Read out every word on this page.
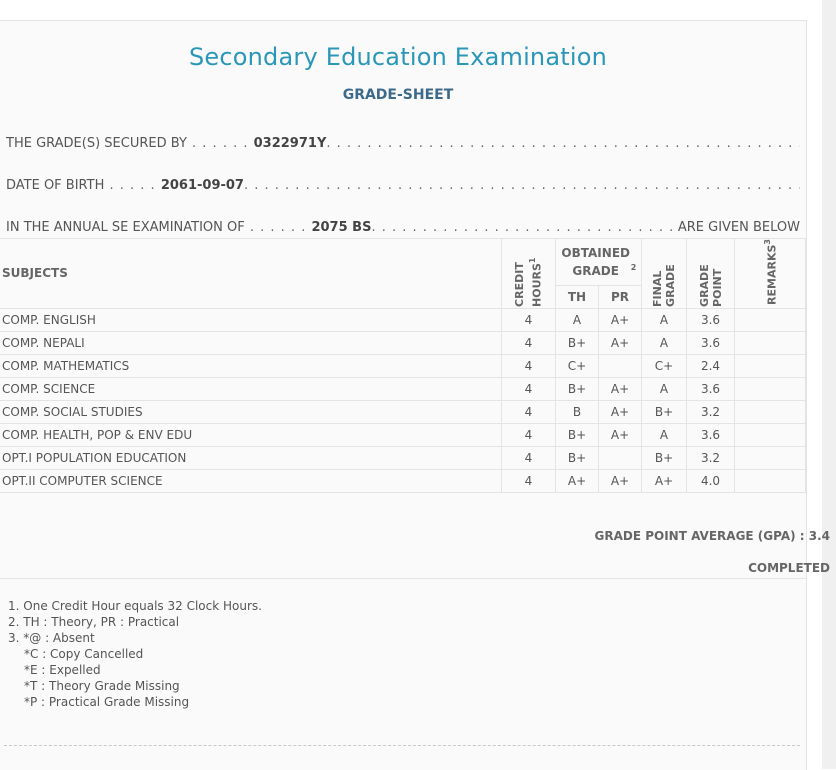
Secondary Education Examination
GRADE-SHEET
THE GRADE(S) SECURED BY . . . . . . 0322971Y
. . .
DATE OF BIRTH . . . . . 2061-09-07
. . .
IN THE ANNUAL SE EXAMINATION OF . . . . . . 2075 BS . . .	ARE GIVEN BELOW
SUBJECTS	CREDIT HOURS$^1$	OBTAINED GRADE $^2$		FINAL GRADE	GRADE POINT	REMARKS$^3$
		TH	PR			
COMP. ENGLISH	4	A	A+	A	3.6	
COMP. NEPALI	4	B+	A+	A	3.6	
COMP. MATHEMATICS	4	C+		C+	2.4	
COMP. SCIENCE	4	B+	A+	A	3.6	
COMP. SOCIAL STUDIES	4	B	A+	B+	3.2	
COMP. HEALTH, POP & ENV EDU	4	B+	A+	A	3.6	
OPT.I POPULATION EDUCATION	4	B+		B+	3.2	
OPT.II COMPUTER SCIENCE	4	A+	A+	A+	4.0	
GRADE POINT AVERAGE (GPA) : 3.4
COMPLETED
1. One Credit Hour equals 32 Clock Hours.
2. TH : Theory, PR : Practical
3. *@ : Absent
*C : Copy Cancelled
*E : Expelled
*T : Theory Grade Missing
*P : Practical Grade Missing
